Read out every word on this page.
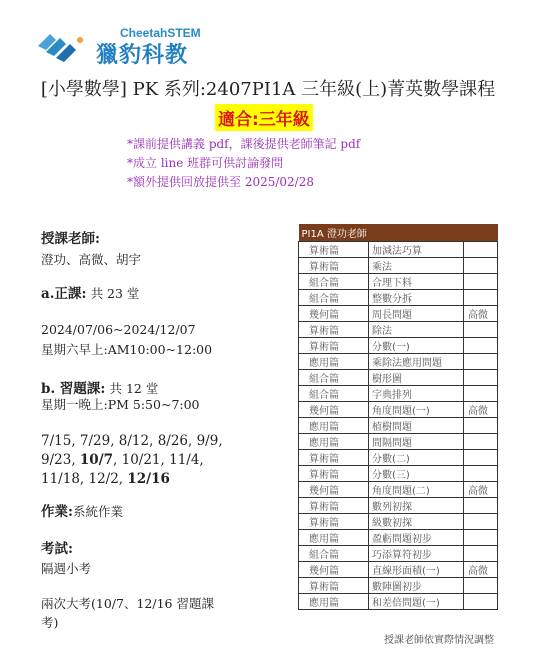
CheetahSTEM
獵豹科教
[小學數學] PK 系列:2407PI1A 三年級(上)菁英數學課程
適合:三年級
*課前提供講義 pdf，課後提供老師筆記 pdf
*成立 line 班群可供討論發問
*額外提供回放提供至 2025/02/28
授課老師:
澄功、高微、胡宇
a.正課: 共 23 堂
2024/07/06~2024/12/07
星期六早上:AM10:00~12:00
b. 習題課: 共 12 堂
星期一晚上:PM 5:50~7:00
7/15, 7/29, 8/12, 8/26, 9/9,
9/23, 10/7, 10/21, 11/4,
11/18, 12/2, 12/16
作業:系統作業
考試:
隔週小考
兩次大考(10/7、12/16 習題課
考)
PI1A 澄功老師		
算術篇	加減法巧算	
算術篇	乘法	
組合篇	合理下料	
組合篇	整數分拆	
幾何篇	周長問題	高微
算術篇	除法	
算術篇	分數(一)	
應用篇	乘除法應用問題	
組合篇	樹形圖	
組合篇	字典排列	
幾何篇	角度問題(一)	高微
應用篇	植樹問題	
應用篇	間隔問題	
算術篇	分數(二)	
算術篇	分數(三)	
幾何篇	角度問題(二)	高微
算術篇	數列初探	
算術篇	級數初探	
應用篇	盈虧問題初步	
組合篇	巧添算符初步	
幾何篇	直線形面積(一)	高微
算術篇	數陣圖初步	
應用篇	和差倍問題(一)	
授課老師依實際情況調整
